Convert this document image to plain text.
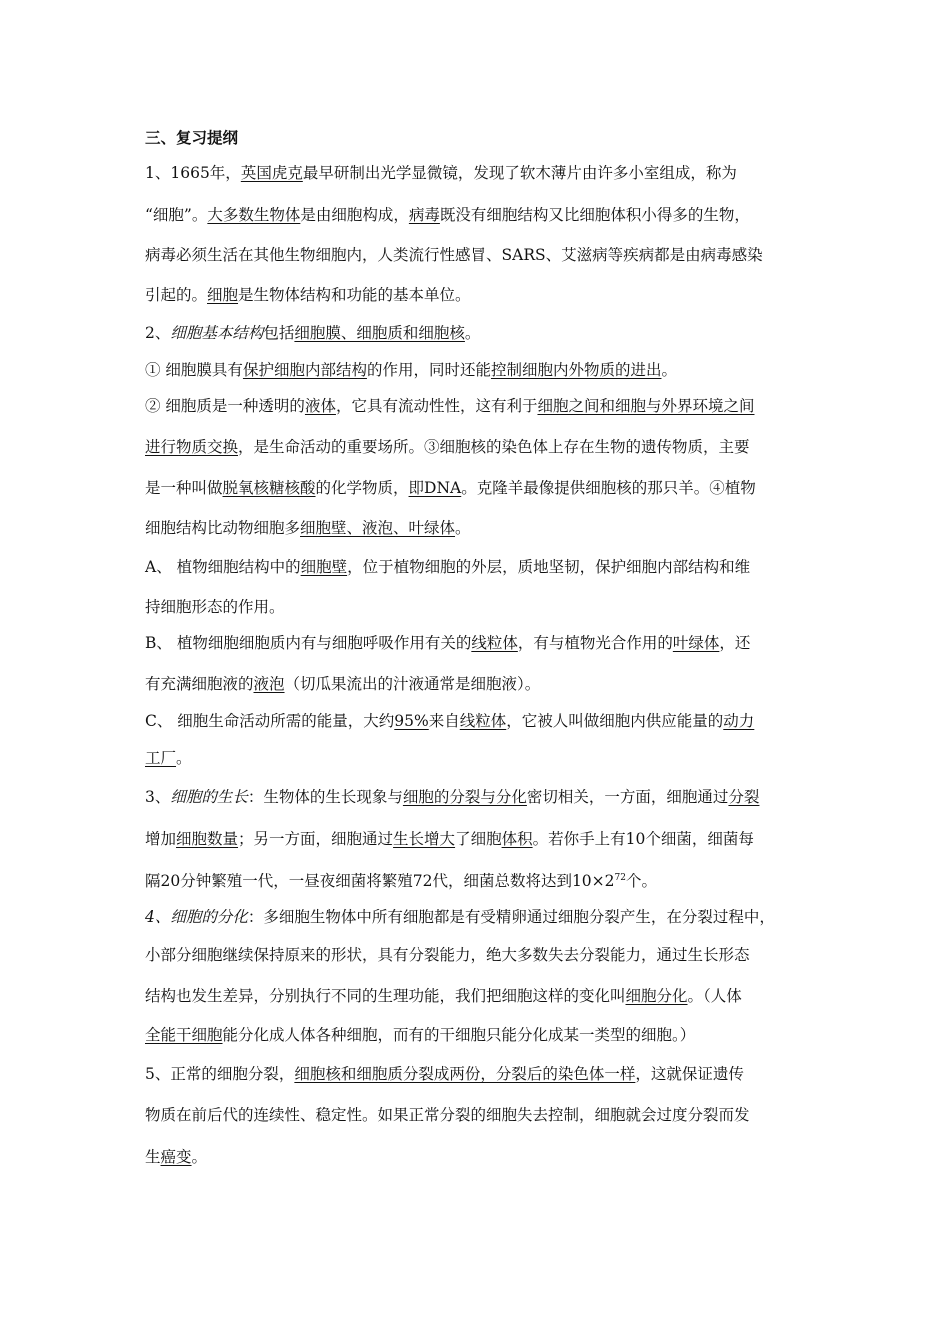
三、复习提纲
1、1665年，英国虎克最早研制出光学显微镜，发现了软木薄片由许多小室组成，称为
“细胞”。大多数生物体是由细胞构成，病毒既没有细胞结构又比细胞体积小得多的生物，
病毒必须生活在其他生物细胞内，人类流行性感冒、SARS、艾滋病等疾病都是由病毒感染
引起的。细胞是生物体结构和功能的基本单位。
2、细胞基本结构包括细胞膜、细胞质和细胞核。
① 细胞膜具有保护细胞内部结构的作用，同时还能控制细胞内外物质的进出。
② 细胞质是一种透明的液体，它具有流动性性，这有利于细胞之间和细胞与外界环境之间
进行物质交换，是生命活动的重要场所。③细胞核的染色体上存在生物的遗传物质，主要
是一种叫做脱氧核糖核酸的化学物质，即DNA。克隆羊最像提供细胞核的那只羊。④植物
细胞结构比动物细胞多细胞壁、液泡、叶绿体。
A、 植物细胞结构中的细胞壁，位于植物细胞的外层，质地坚韧，保护细胞内部结构和维
持细胞形态的作用。
B、 植物细胞细胞质内有与细胞呼吸作用有关的线粒体，有与植物光合作用的叶绿体，还
有充满细胞液的液泡（切瓜果流出的汁液通常是细胞液）。
C、 细胞生命活动所需的能量，大约95%来自线粒体，它被人叫做细胞内供应能量的动力
工厂。
3、细胞的生长：生物体的生长现象与细胞的分裂与分化密切相关，一方面，细胞通过分裂
增加细胞数量；另一方面，细胞通过生长增大了细胞体积。若你手上有10个细菌，细菌每
隔20分钟繁殖一代，一昼夜细菌将繁殖72代，细菌总数将达到$10\times 2^{72}$个。
4、细胞的分化：多细胞生物体中所有细胞都是有受精卵通过细胞分裂产生，在分裂过程中，
小部分细胞继续保持原来的形状，具有分裂能力，绝大多数失去分裂能力，通过生长形态
结构也发生差异，分别执行不同的生理功能，我们把细胞这样的变化叫细胞分化。（人体
全能干细胞能分化成人体各种细胞，而有的干细胞只能分化成某一类型的细胞。）
5、正常的细胞分裂，细胞核和细胞质分裂成两份，分裂后的染色体一样，这就保证遗传
物质在前后代的连续性、稳定性。如果正常分裂的细胞失去控制，细胞就会过度分裂而发
生癌变。
